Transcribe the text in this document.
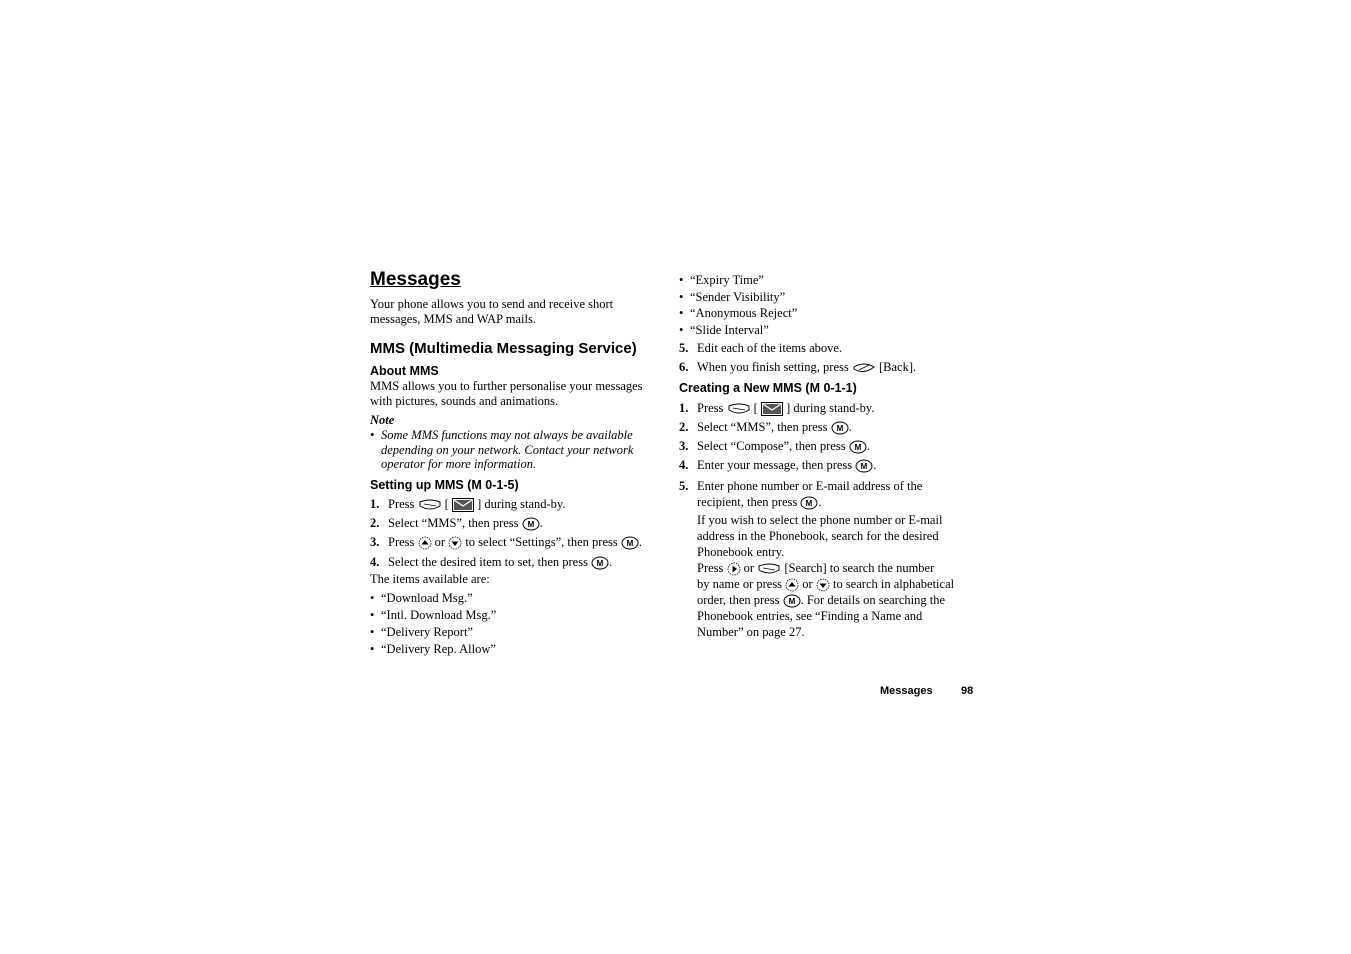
Messages
Your phone allows you to send and receive short
messages, MMS and WAP mails.
MMS (Multimedia Messaging Service)
About MMS
MMS allows you to further personalise your messages
with pictures, sounds and animations.
Note
• Some MMS functions may not always be available
depending on your network. Contact your network
operator for more information.
Setting up MMS (M 0-1-5)
1. Press [ ] during stand-by.
2. Select “MMS”, then press .
3. Press or to select “Settings”, then press .
4. Select the desired item to set, then press .
The items available are:
• “Download Msg.”
• “Intl. Download Msg.”
• “Delivery Report”
• “Delivery Rep. Allow”
• “Expiry Time”
• “Sender Visibility”
• “Anonymous Reject”
• “Slide Interval”
5. Edit each of the items above.
6. When you finish setting, press [Back].
Creating a New MMS (M 0-1-1)
1. Press [ ] during stand-by.
2. Select “MMS”, then press .
3. Select “Compose”, then press .
4. Enter your message, then press .
5. Enter phone number or E-mail address of the
recipient, then press .
If you wish to select the phone number or E-mail
address in the Phonebook, search for the desired
Phonebook entry.
Press or [Search] to search the number
by name or press or to search in alphabetical
order, then press . For details on searching the
Phonebook entries, see “Finding a Name and
Number” on page 27.
Messages	98
